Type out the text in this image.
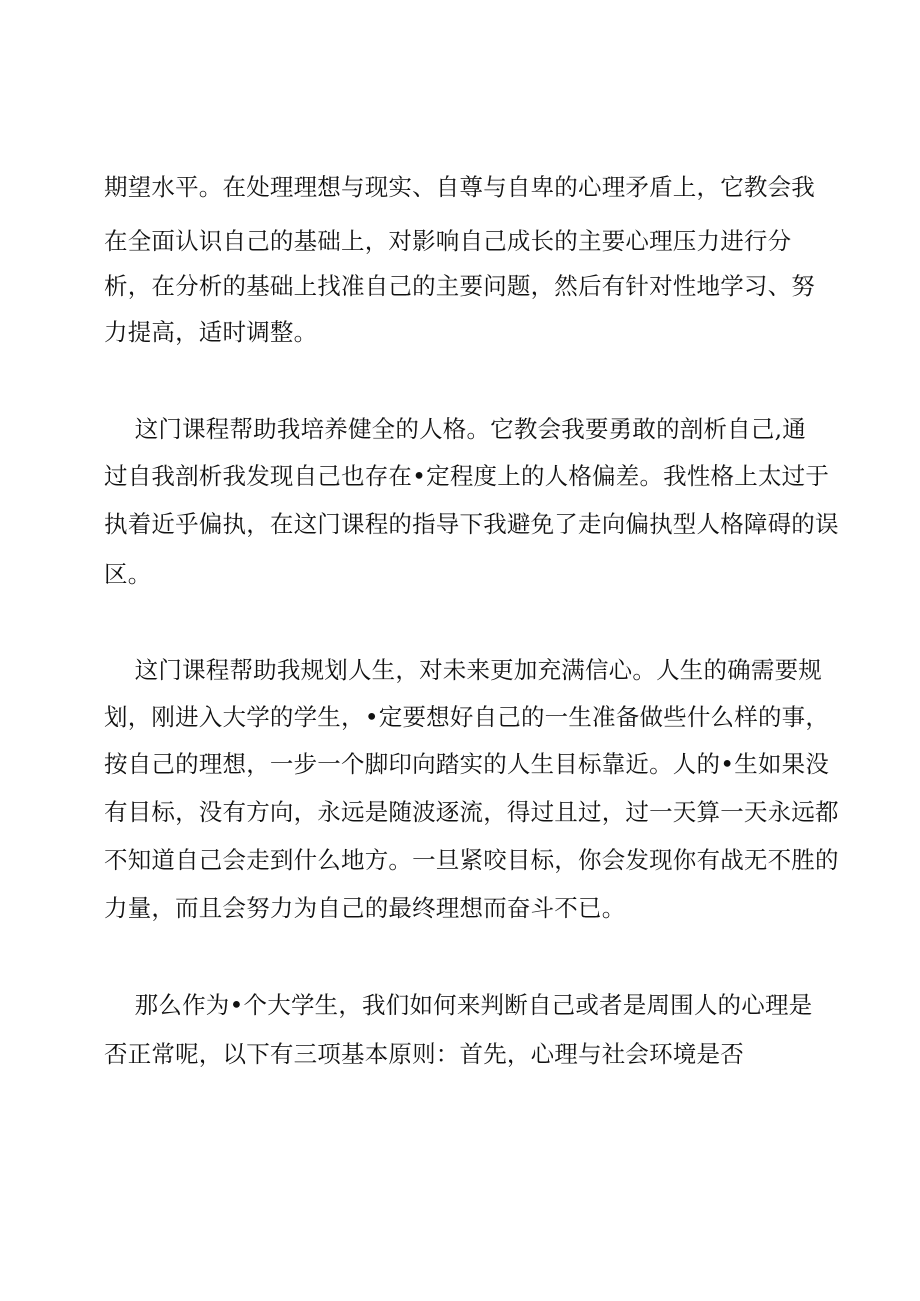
期望水平。在处理理想与现实、自尊与自卑的心理矛盾上，它教会我
在全面认识自己的基础上，对影响自己成长的主要心理压力进行分
析，在分析的基础上找准自己的主要问题，然后有针对性地学习、努
力提高，适时调整。
这门课程帮助我培养健全的人格。它教会我要勇敢的剖析自己,通
过自我剖析我发现自己也存在•定程度上的人格偏差。我性格上太过于
执着近乎偏执，在这门课程的指导下我避免了走向偏执型人格障碍的误
区。
这门课程帮助我规划人生，对未来更加充满信心。人生的确需要规
划，刚进入大学的学生，•定要想好自己的一生准备做些什么样的事，
按自己的理想，一步一个脚印向踏实的人生目标靠近。人的•生如果没
有目标，没有方向，永远是随波逐流，得过且过，过一天算一天永远都
不知道自己会走到什么地方。一旦紧咬目标，你会发现你有战无不胜的
力量，而且会努力为自己的最终理想而奋斗不已。
那么作为•个大学生，我们如何来判断自己或者是周围人的心理是
否正常呢，以下有三项基本原则：首先，心理与社会环境是否
